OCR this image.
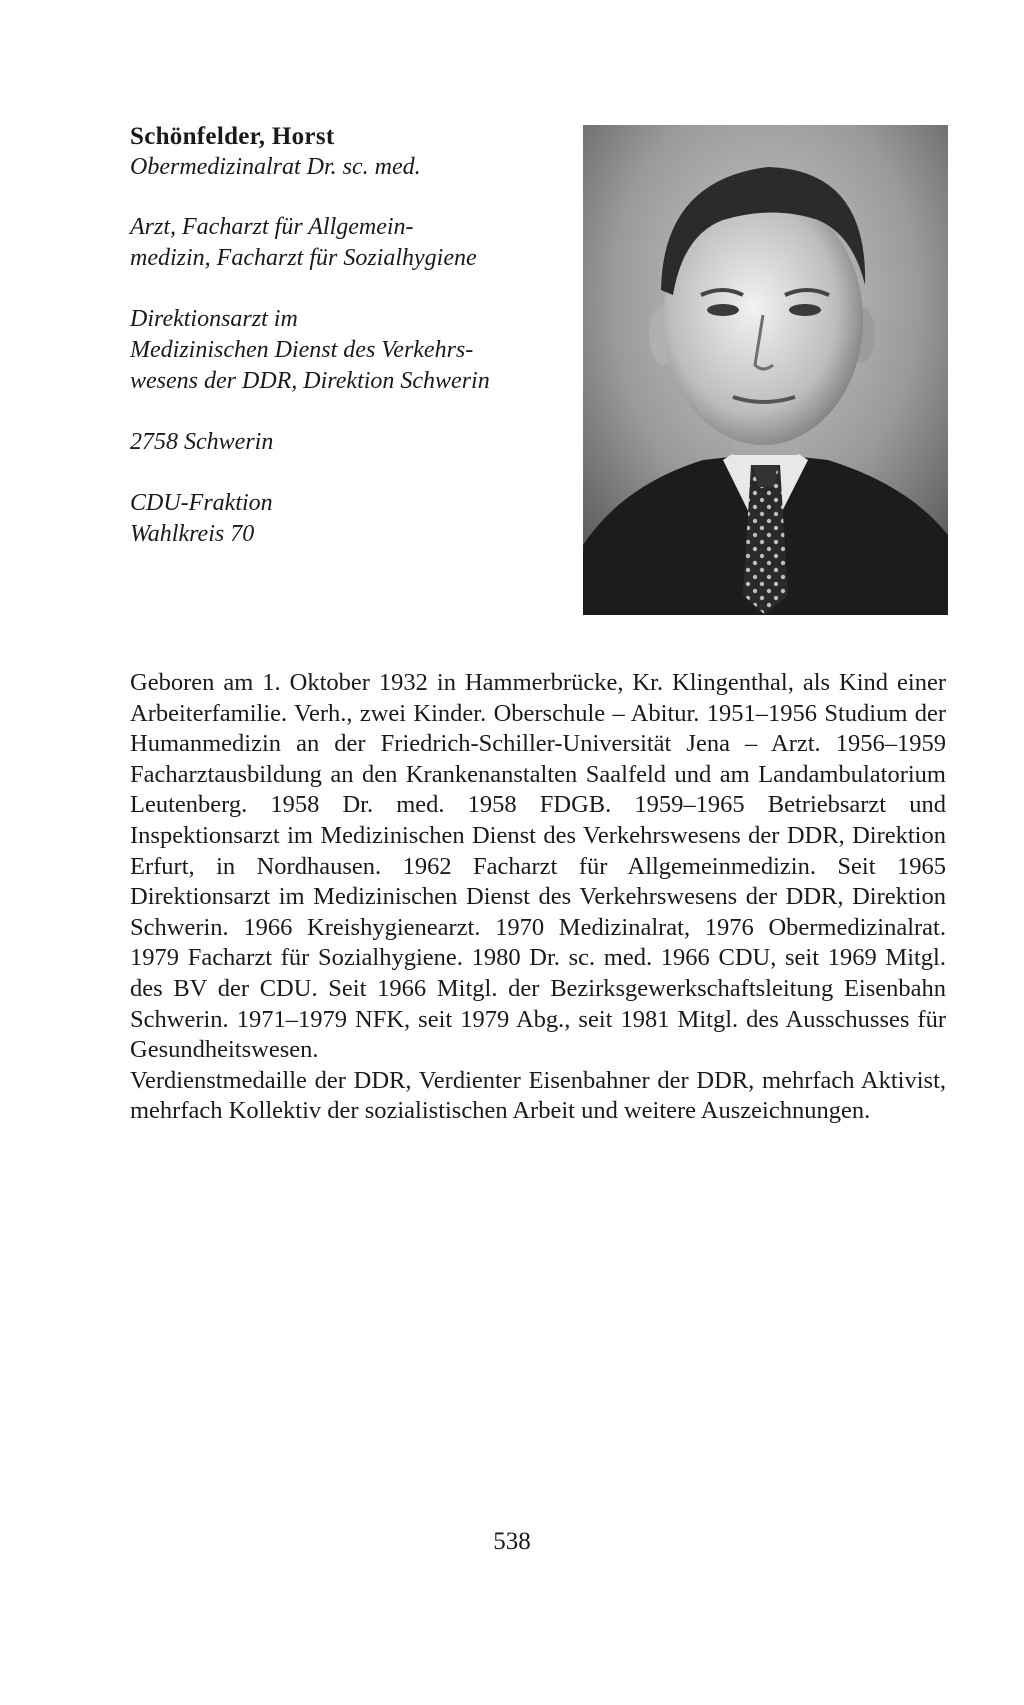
Schönfelder, Horst
Obermedizinalrat Dr. sc. med.
Arzt, Facharzt für Allgemein-
medizin, Facharzt für Sozialhygiene
Direktionsarzt im
Medizinischen Dienst des Verkehrs-
wesens der DDR, Direktion Schwerin
2758 Schwerin
CDU-Fraktion
Wahlkreis 70

Geboren am 1. Oktober 1932 in Hammerbrücke, Kr. Klingenthal, als Kind einer Arbeiterfamilie. Verh., zwei Kinder. Oberschule – Abitur. 1951–1956 Studium der Humanmedizin an der Friedrich-Schiller-Universität Jena – Arzt. 1956–1959 Facharztausbildung an den Krankenanstalten Saalfeld und am Landambulatorium Leutenberg. 1958 Dr. med. 1958 FDGB. 1959–1965 Betriebsarzt und Inspektionsarzt im Medizinischen Dienst des Verkehrswesens der DDR, Direktion Erfurt, in Nordhausen. 1962 Facharzt für Allgemeinmedizin. Seit 1965 Direktionsarzt im Medizinischen Dienst des Verkehrswesens der DDR, Direktion Schwerin. 1966 Kreishygienearzt. 1970 Medizinalrat, 1976 Obermedizinalrat. 1979 Facharzt für Sozialhygiene. 1980 Dr. sc. med. 1966 CDU, seit 1969 Mitgl. des BV der CDU. Seit 1966 Mitgl. der Bezirksgewerkschaftsleitung Eisenbahn Schwerin. 1971–1979 NFK, seit 1979 Abg., seit 1981 Mitgl. des Ausschusses für Gesundheitswesen.

Verdienstmedaille der DDR, Verdienter Eisenbahner der DDR, mehrfach Aktivist, mehrfach Kollektiv der sozialistischen Arbeit und weitere Auszeichnungen.

538
